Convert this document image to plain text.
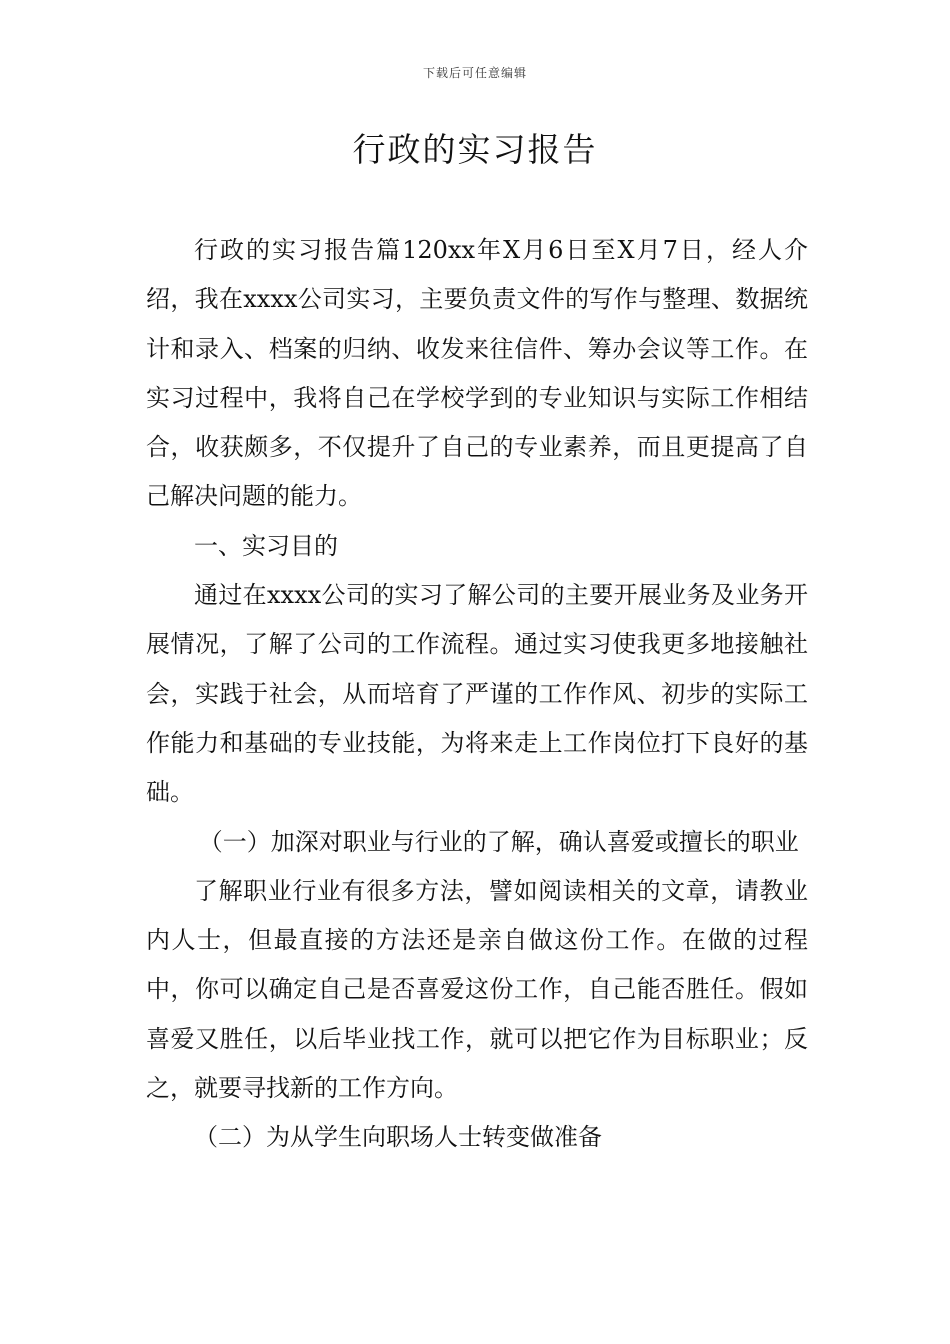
下载后可任意编辑
行政的实习报告

行政的实习报告篇120xx年X月6日至X月7日，经人介绍，我在xxxx公司实习，主要负责文件的写作与整理、数据统计和录入、档案的归纳、收发来往信件、筹办会议等工作。在实习过程中，我将自己在学校学到的专业知识与实际工作相结合，收获颇多，不仅提升了自己的专业素养，而且更提高了自己解决问题的能力。

一、实习目的

通过在xxxx公司的实习了解公司的主要开展业务及业务开展情况，了解了公司的工作流程。通过实习使我更多地接触社会，实践于社会，从而培育了严谨的工作作风、初步的实际工作能力和基础的专业技能，为将来走上工作岗位打下良好的基础。

（一）加深对职业与行业的了解，确认喜爱或擅长的职业

了解职业行业有很多方法，譬如阅读相关的文章，请教业内人士，但最直接的方法还是亲自做这份工作。在做的过程中，你可以确定自己是否喜爱这份工作，自己能否胜任。假如喜爱又胜任，以后毕业找工作，就可以把它作为目标职业；反之，就要寻找新的工作方向。

（二）为从学生向职场人士转变做准备
